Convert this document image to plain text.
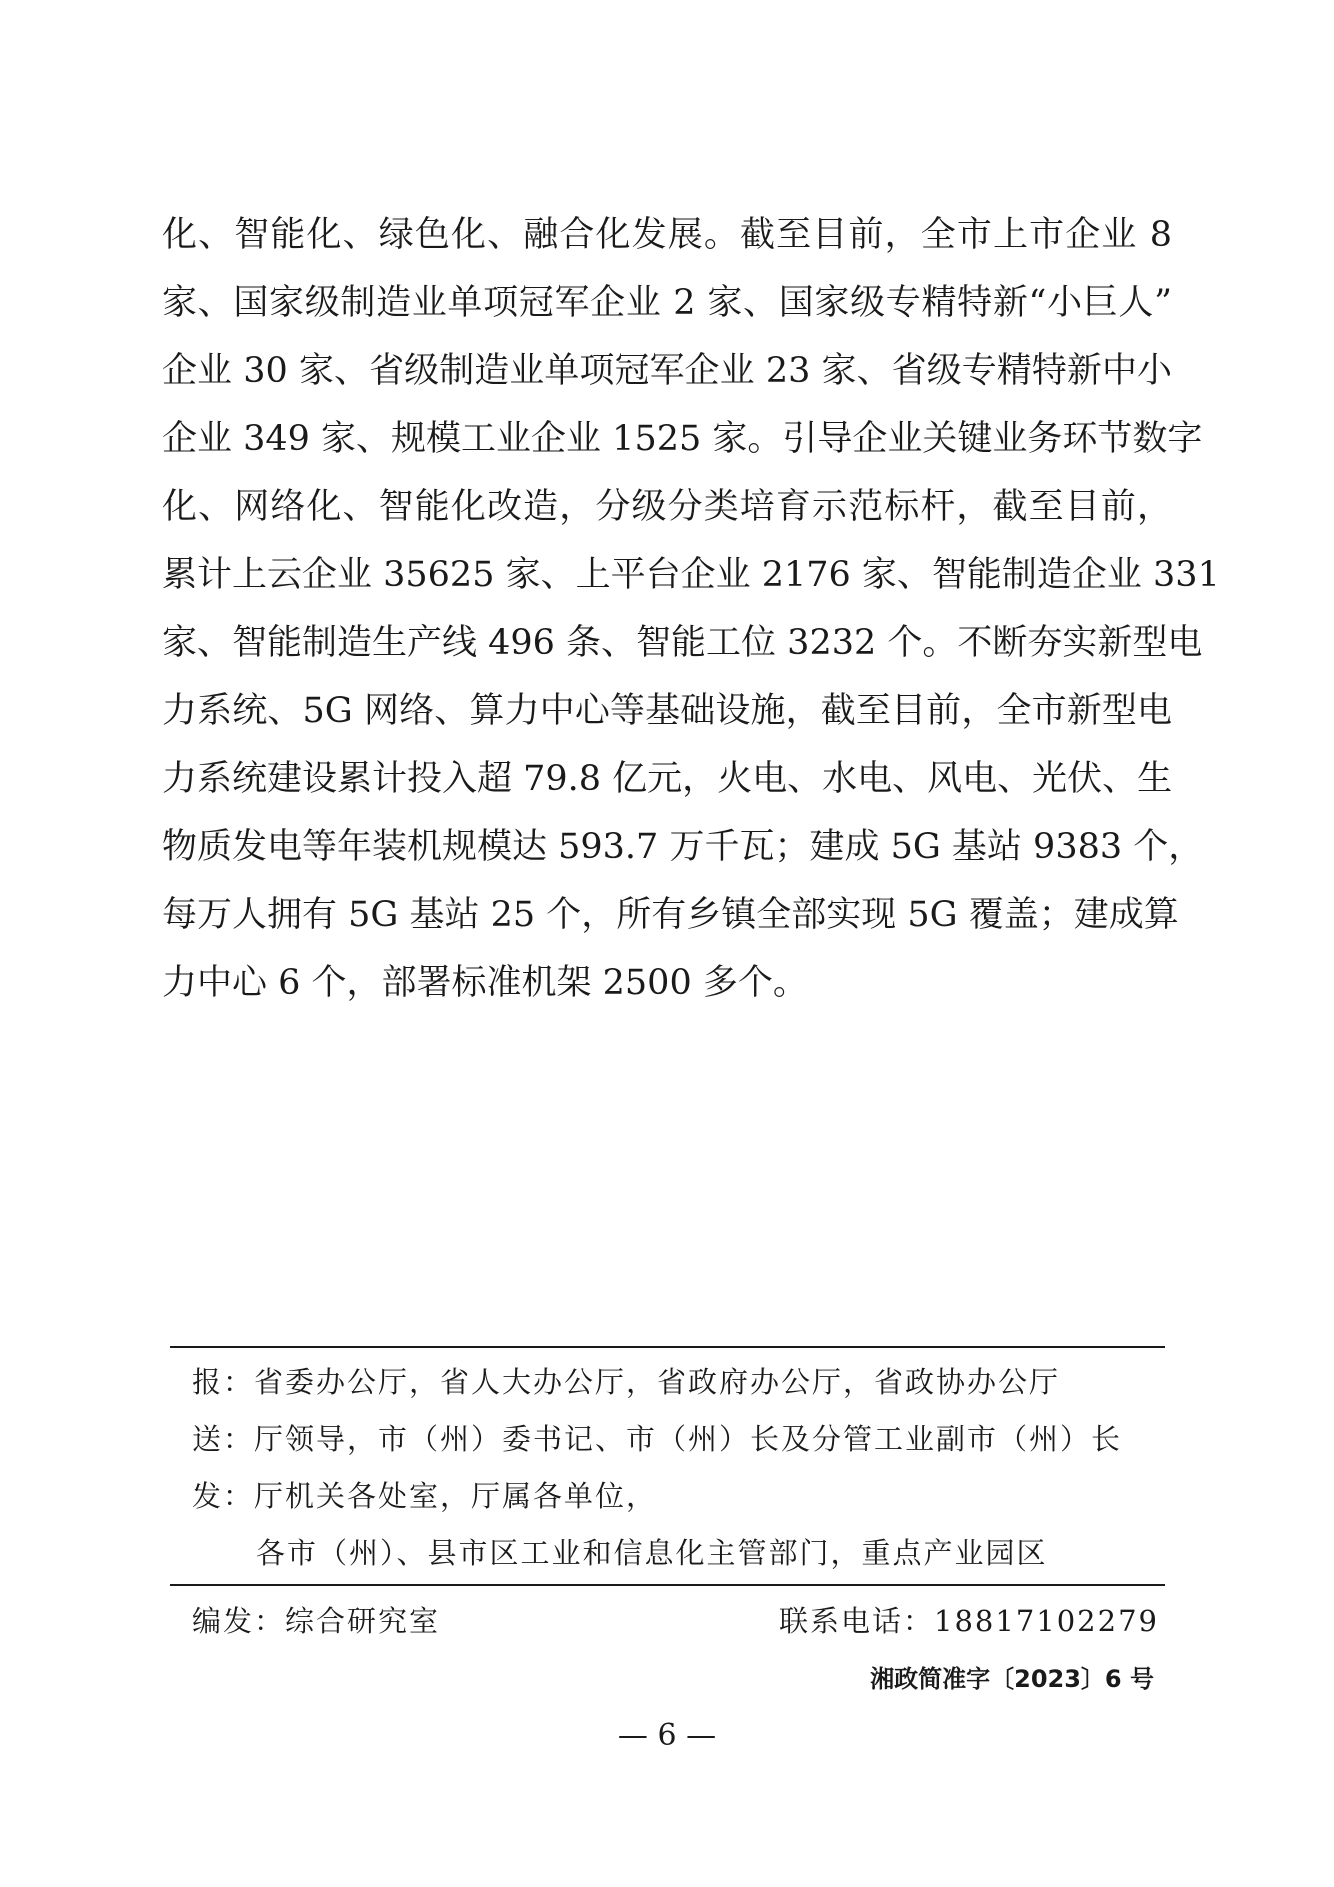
化、智能化、绿色化、融合化发展。截至目前，全市上市企业 8
家、国家级制造业单项冠军企业 2 家、国家级专精特新“小巨人”
企业 30 家、省级制造业单项冠军企业 23 家、省级专精特新中小
企业 349 家、规模工业企业 1525 家。引导企业关键业务环节数字
化、网络化、智能化改造，分级分类培育示范标杆，截至目前，
累计上云企业 35625 家、上平台企业 2176 家、智能制造企业 331
家、智能制造生产线 496 条、智能工位 3232 个。不断夯实新型电
力系统、5G 网络、算力中心等基础设施，截至目前，全市新型电
力系统建设累计投入超 79.8 亿元，火电、水电、风电、光伏、生
物质发电等年装机规模达 593.7 万千瓦；建成 5G 基站 9383 个，
每万人拥有 5G 基站 25 个，所有乡镇全部实现 5G 覆盖；建成算
力中心 6 个，部署标准机架 2500 多个。
报：省委办公厅，省人大办公厅，省政府办公厅，省政协办公厅
送：厅领导，市（州）委书记、市（州）长及分管工业副市（州）长
发：厅机关各处室，厅属各单位，
各市（州）、县市区工业和信息化主管部门，重点产业园区
编发：综合研究室	联系电话：18817102279
湘政简准字〔2023〕6 号
— 6 —
